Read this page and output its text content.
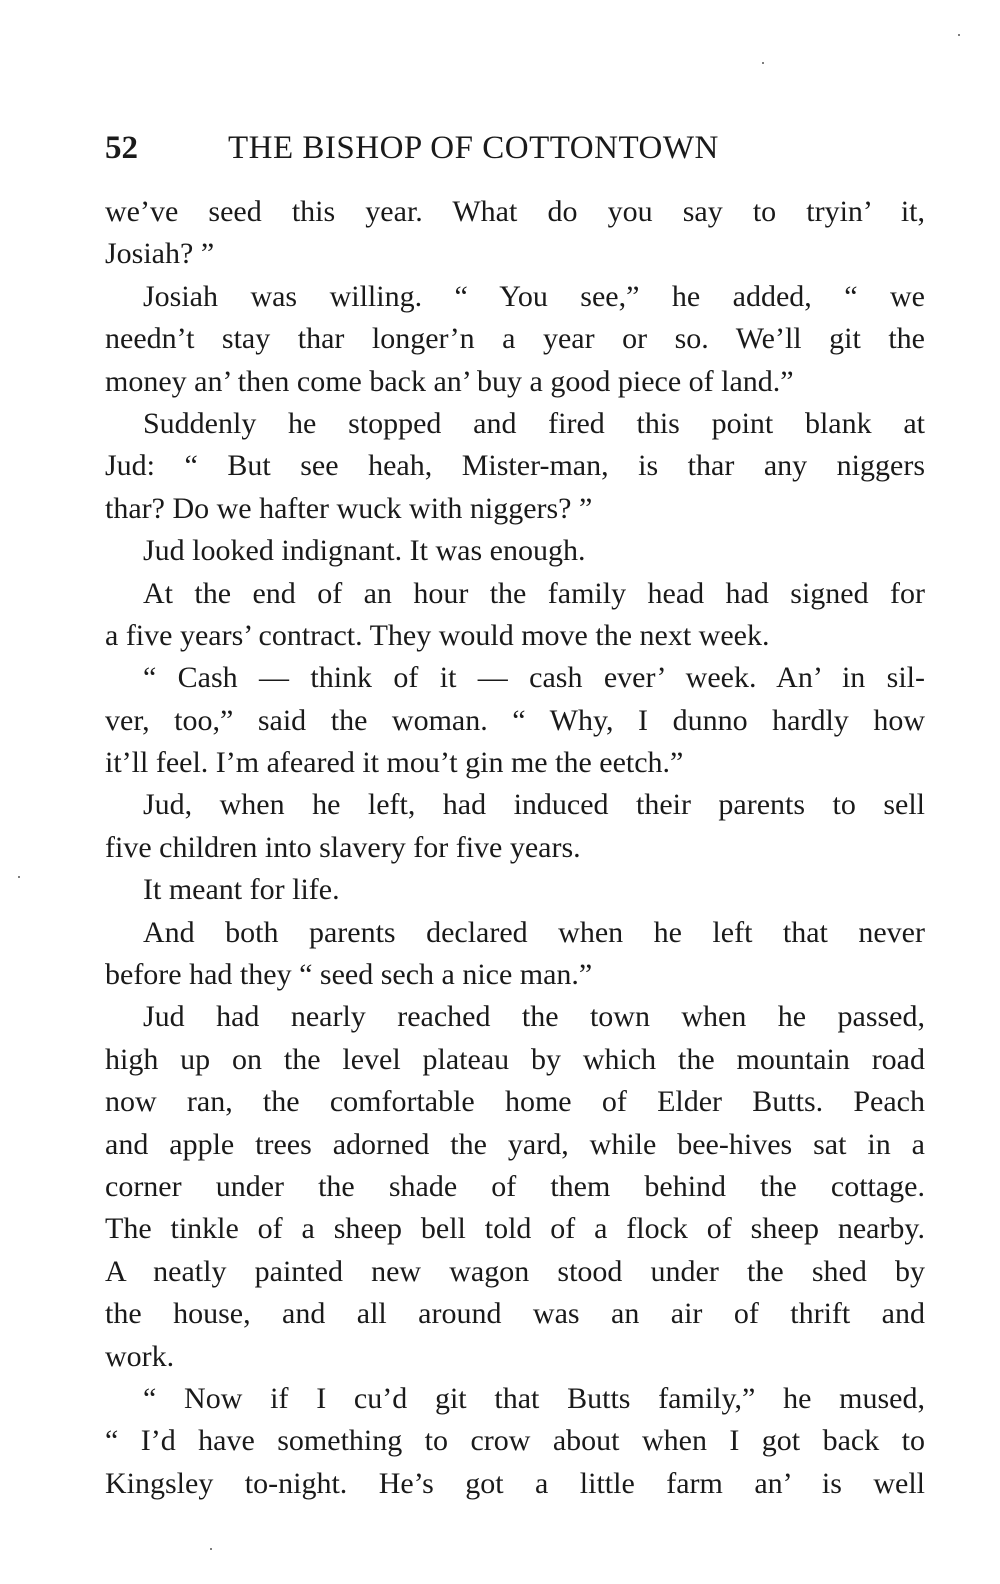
52	THE BISHOP OF COTTONTOWN
we’ve seed this year. What do you say to tryin’ it,
Josiah? ”
Josiah was willing. “ You see,” he added, “ we
needn’t stay thar longer’n a year or so. We’ll git the
money an’ then come back an’ buy a good piece of land.”
Suddenly he stopped and fired this point blank at
Jud: “ But see heah, Mister-man, is thar any niggers
thar? Do we hafter wuck with niggers? ”
Jud looked indignant. It was enough.
At the end of an hour the family head had signed for
a five years’ contract. They would move the next week.
“ Cash — think of it — cash ever’ week. An’ in sil-
ver, too,” said the woman. “ Why, I dunno hardly how
it’ll feel. I’m afeared it mou’t gin me the eetch.”
Jud, when he left, had induced their parents to sell
five children into slavery for five years.
It meant for life.
And both parents declared when he left that never
before had they “ seed sech a nice man.”
Jud had nearly reached the town when he passed,
high up on the level plateau by which the mountain road
now ran, the comfortable home of Elder Butts. Peach
and apple trees adorned the yard, while bee-hives sat in a
corner under the shade of them behind the cottage.
The tinkle of a sheep bell told of a flock of sheep nearby.
A neatly painted new wagon stood under the shed by
the house, and all around was an air of thrift and
work.
“ Now if I cu’d git that Butts family,” he mused,
“ I’d have something to crow about when I got back to
Kingsley to-night. He’s got a little farm an’ is well
